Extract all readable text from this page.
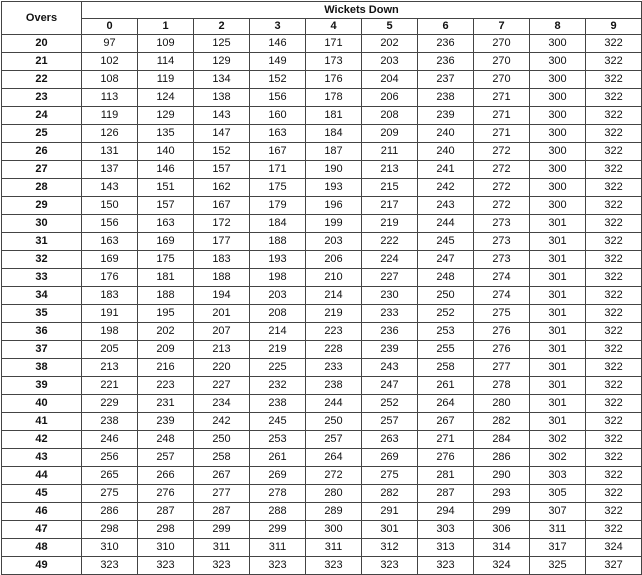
Overs	Wickets Down									
	0	1	2	3	4	5	6	7	8	9
20	97	109	125	146	171	202	236	270	300	322
21	102	114	129	149	173	203	236	270	300	322
22	108	119	134	152	176	204	237	270	300	322
23	113	124	138	156	178	206	238	271	300	322
24	119	129	143	160	181	208	239	271	300	322
25	126	135	147	163	184	209	240	271	300	322
26	131	140	152	167	187	211	240	272	300	322
27	137	146	157	171	190	213	241	272	300	322
28	143	151	162	175	193	215	242	272	300	322
29	150	157	167	179	196	217	243	272	300	322
30	156	163	172	184	199	219	244	273	301	322
31	163	169	177	188	203	222	245	273	301	322
32	169	175	183	193	206	224	247	273	301	322
33	176	181	188	198	210	227	248	274	301	322
34	183	188	194	203	214	230	250	274	301	322
35	191	195	201	208	219	233	252	275	301	322
36	198	202	207	214	223	236	253	276	301	322
37	205	209	213	219	228	239	255	276	301	322
38	213	216	220	225	233	243	258	277	301	322
39	221	223	227	232	238	247	261	278	301	322
40	229	231	234	238	244	252	264	280	301	322
41	238	239	242	245	250	257	267	282	301	322
42	246	248	250	253	257	263	271	284	302	322
43	256	257	258	261	264	269	276	286	302	322
44	265	266	267	269	272	275	281	290	303	322
45	275	276	277	278	280	282	287	293	305	322
46	286	287	287	288	289	291	294	299	307	322
47	298	298	299	299	300	301	303	306	311	322
48	310	310	311	311	311	312	313	314	317	324
49	323	323	323	323	323	323	323	324	325	327
